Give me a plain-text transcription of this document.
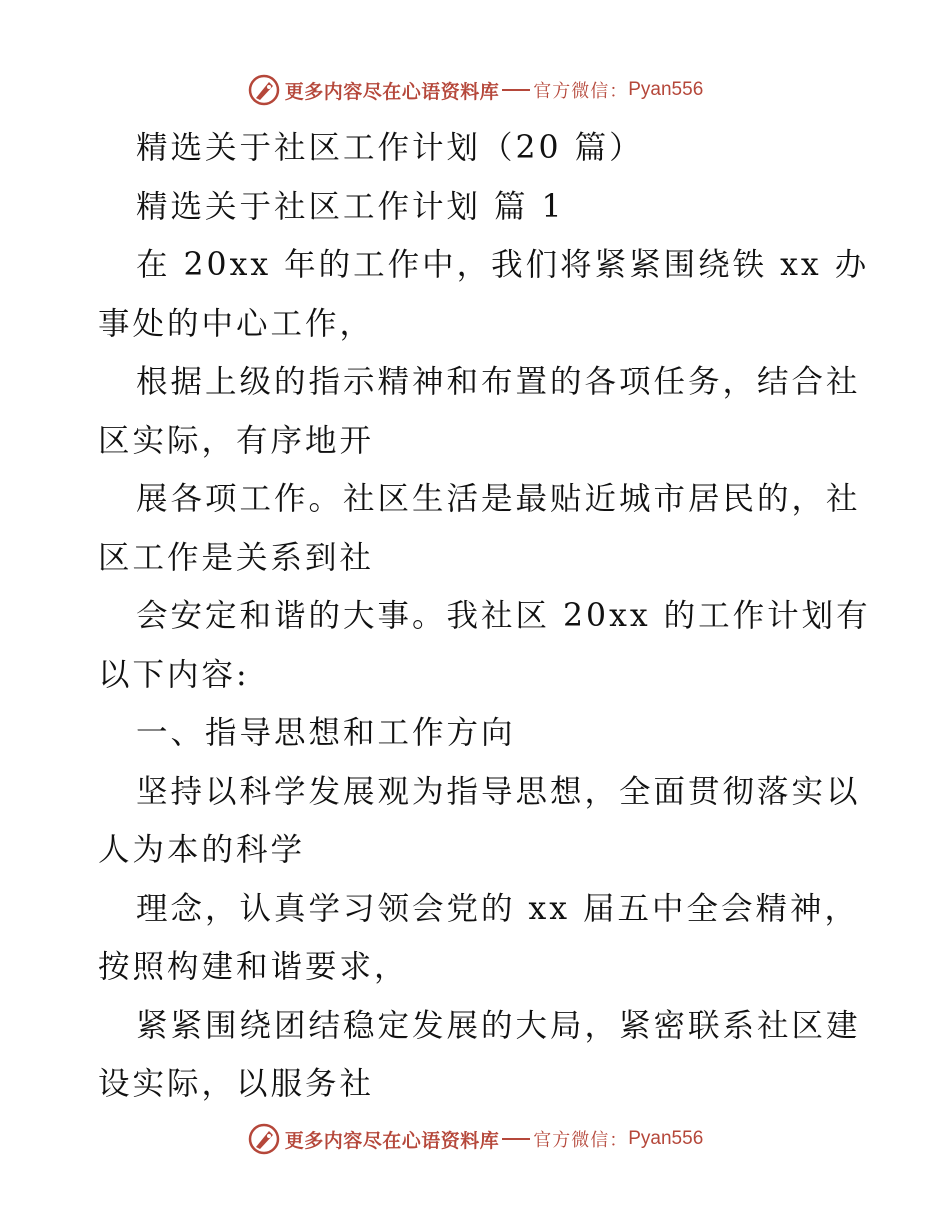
更多内容尽在心语资料库 官方微信： Pyan556
精选关于社区工作计划（20 篇）
精选关于社区工作计划 篇 1
在 20xx 年的工作中，我们将紧紧围绕铁 xx 办
事处的中心工作，
根据上级的指示精神和布置的各项任务，结合社
区实际，有序地开
展各项工作。社区生活是最贴近城市居民的，社
区工作是关系到社
会安定和谐的大事。我社区 20xx 的工作计划有
以下内容:
一、指导思想和工作方向
坚持以科学发展观为指导思想，全面贯彻落实以
人为本的科学
理念，认真学习领会党的 xx 届五中全会精神，
按照构建和谐要求，
紧紧围绕团结稳定发展的大局，紧密联系社区建
设实际，以服务社
更多内容尽在心语资料库 官方微信： Pyan556
